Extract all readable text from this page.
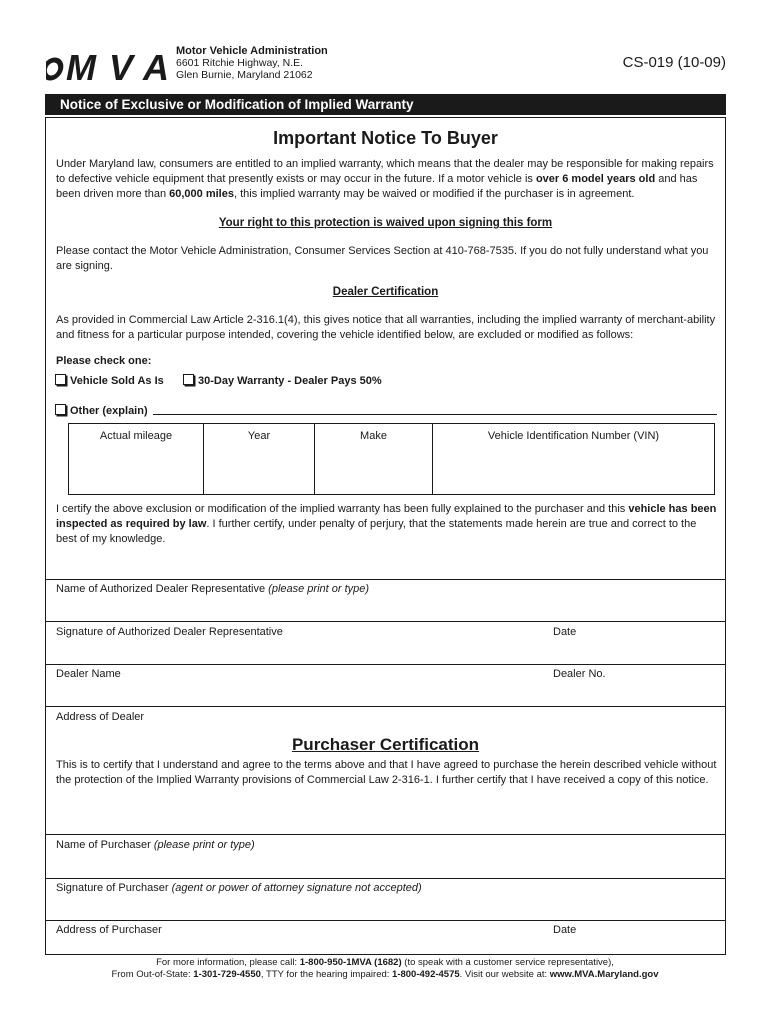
MVA Motor Vehicle Administration
6601 Ritchie Highway, N.E.
Glen Burnie, Maryland 21062
CS-019 (10-09)
Notice of Exclusive or Modification of Implied Warranty
Important Notice To Buyer
Under Maryland law, consumers are entitled to an implied warranty, which means that the dealer may be responsible for making repairs to defective vehicle equipment that presently exists or may occur in the future. If a motor vehicle is over 6 model years old and has been driven more than 60,000 miles, this implied warranty may be waived or modified if the purchaser is in agreement.
Your right to this protection is waived upon signing this form
Please contact the Motor Vehicle Administration, Consumer Services Section at 410-768-7535. If you do not fully understand what you are signing.
Dealer Certification
As provided in Commercial Law Article 2-316.1(4), this gives notice that all warranties, including the implied warranty of merchant-ability and fitness for a particular purpose intended, covering the vehicle identified below, are excluded or modified as follows:
Please check one:
Vehicle Sold As Is	30-Day Warranty - Dealer Pays 50%
Other (explain)
Actual mileage	Year	Make	Vehicle Identification Number (VIN)
I certify the above exclusion or modification of the implied warranty has been fully explained to the purchaser and this vehicle has been inspected as required by law. I further certify, under penalty of perjury, that the statements made herein are true and correct to the best of my knowledge.
Name of Authorized Dealer Representative (please print or type)
Signature of Authorized Dealer Representative	Date
Dealer Name	Dealer No.
Address of Dealer
Purchaser Certification
This is to certify that I understand and agree to the terms above and that I have agreed to purchase the herein described vehicle without the protection of the Implied Warranty provisions of Commercial Law 2-316-1. I further certify that I have received a copy of this notice.
Name of Purchaser (please print or type)
Signature of Purchaser (agent or power of attorney signature not accepted)
Address of Purchaser	Date
For more information, please call: 1-800-950-1MVA (1682) (to speak with a customer service representative),
From Out-of-State: 1-301-729-4550, TTY for the hearing impaired: 1-800-492-4575. Visit our website at: www.MVA.Maryland.gov
